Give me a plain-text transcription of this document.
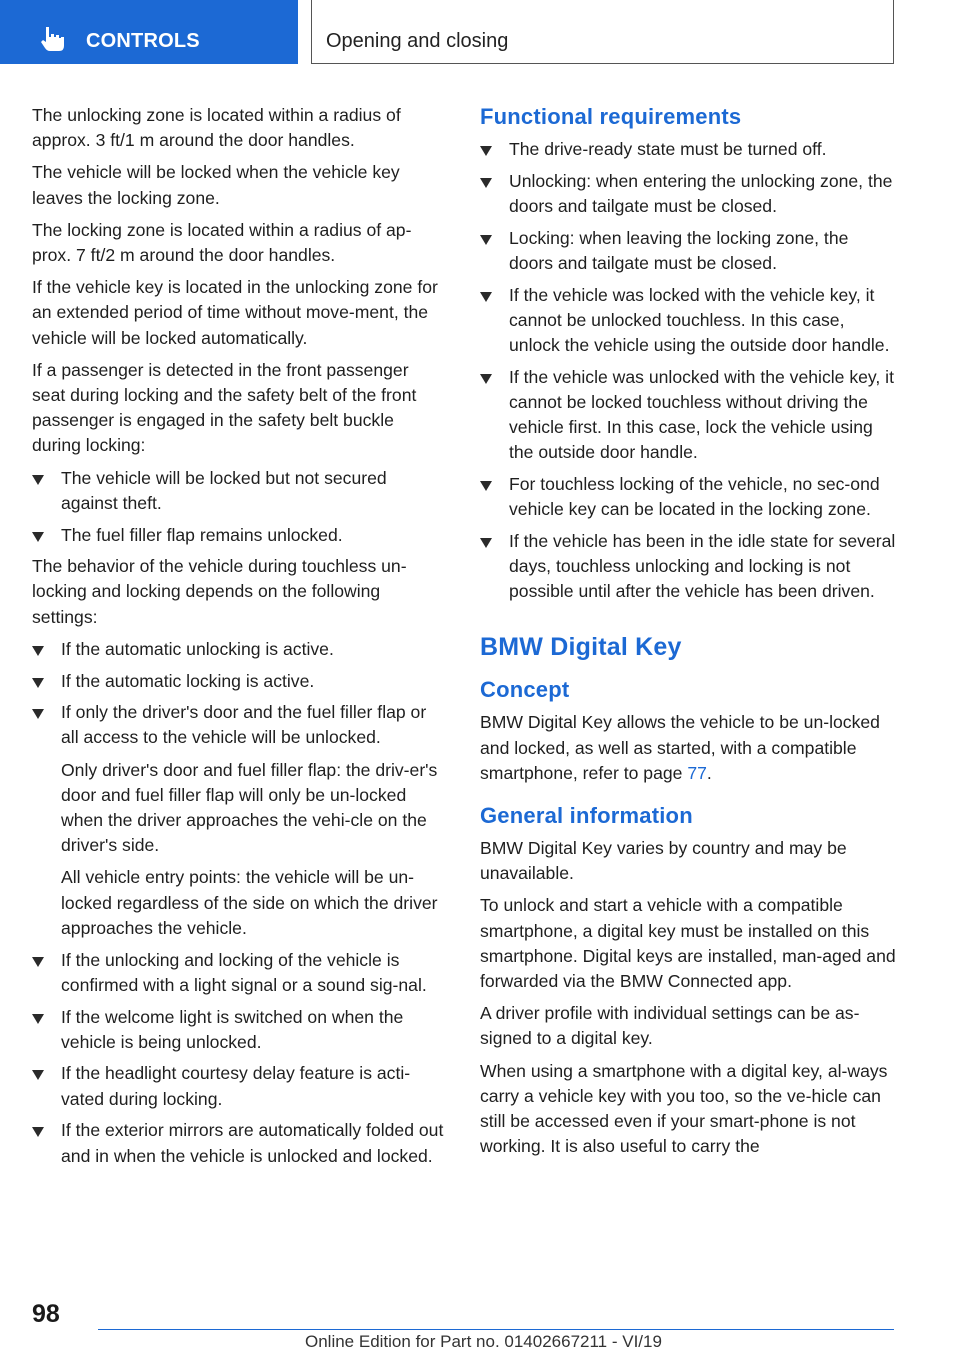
CONTROLS	Opening and closing

The unlocking zone is located within a radius of approx. 3 ft/1 m around the door handles.

The vehicle will be locked when the vehicle key leaves the locking zone.

The locking zone is located within a radius of ap‐prox. 7 ft/2 m around the door handles.

If the vehicle key is located in the unlocking zone for an extended period of time without move‐ment, the vehicle will be locked automatically.

If a passenger is detected in the front passenger seat during locking and the safety belt of the front passenger is engaged in the safety belt buckle during locking:

The vehicle will be locked but not secured against theft.
The fuel filler flap remains unlocked.

The behavior of the vehicle during touchless un‐locking and locking depends on the following settings:

If the automatic unlocking is active.
If the automatic locking is active.
If only the driver's door and the fuel filler flap or all access to the vehicle will be unlocked.
Only driver's door and fuel filler flap: the driv‐er's door and fuel filler flap will only be un‐locked when the driver approaches the vehi‐cle on the driver's side.
All vehicle entry points: the vehicle will be un‐locked regardless of the side on which the driver approaches the vehicle.
If the unlocking and locking of the vehicle is confirmed with a light signal or a sound sig‐nal.
If the welcome light is switched on when the vehicle is being unlocked.
If the headlight courtesy delay feature is acti‐vated during locking.
If the exterior mirrors are automatically folded out and in when the vehicle is unlocked and locked.
Functional requirements
The drive-ready state must be turned off.
Unlocking: when entering the unlocking zone, the doors and tailgate must be closed.
Locking: when leaving the locking zone, the doors and tailgate must be closed.
If the vehicle was locked with the vehicle key, it cannot be unlocked touchless. In this case, unlock the vehicle using the outside door handle.
If the vehicle was unlocked with the vehicle key, it cannot be locked touchless without driving the vehicle first. In this case, lock the vehicle using the outside door handle.
For touchless locking of the vehicle, no sec‐ond vehicle key can be located in the locking zone.
If the vehicle has been in the idle state for several days, touchless unlocking and locking is not possible until after the vehicle has been driven.
BMW Digital Key
Concept

BMW Digital Key allows the vehicle to be un‐locked and locked, as well as started, with a compatible smartphone, refer to page 77.

General information

BMW Digital Key varies by country and may be unavailable.

To unlock and start a vehicle with a compatible smartphone, a digital key must be installed on this smartphone. Digital keys are installed, man‐aged and forwarded via the BMW Connected app.

A driver profile with individual settings can be as‐signed to a digital key.

When using a smartphone with a digital key, al‐ways carry a vehicle key with you too, so the ve‐hicle can still be accessed even if your smart‐phone is not working. It is also useful to carry the

98
Online Edition for Part no. 01402667211 - VI/19
